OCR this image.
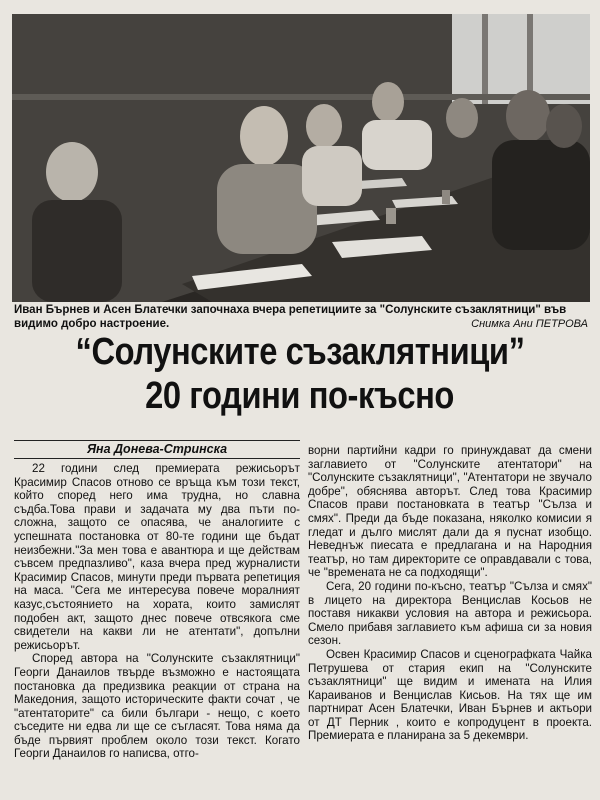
Иван Бърнев и Асен Блатечки започнаха вчера репетициите за "Солунските съзаклятници" във видимо добро настроение.	Снимка Ани ПЕТРОВА
“Солунските съзаклятници”
20 години по-късно
Яна Донева-Стринска

22 години след премиерата режисьорът Красимир Спасов отново се връща към този текст, който според него има трудна, но славна съдба.Това прави и задачата му два пъти по-сложна, защото се опасява, че аналогиите с успешната постановка от 80-те години ще бъдат неизбежни."За мен това е авантюра и ще действам съвсем предпазливо", каза вчера пред журналисти Красимир Спасов, минути преди първата репетиция на маса. "Сега ме интересува повече моралният казус,състоянието на хората, които замислят подобен акт, защото днес повече отвсякога сме свидетели на какви ли не атентати", допълни режисьорът.

Според автора на "Солунските съзаклятници" Георги Данаилов твърде възможно е настоящата постановка да предизвика реакции от страна на Македония, защото историческите факти сочат , че "атентаторите" са били българи - нещо, с което съседите ни едва ли ще се съгласят. Това няма да бъде първият проблем около този текст. Когато Георги Данаилов го написва, отго-

ворни партийни кадри го принуждават да смени заглавието от "Солунските атентатори" на "Солунските съзаклятници", "Атентатори не звучало добре", обяснява авторът. След това Красимир Спасов прави постановката в театър "Сълза и смях". Преди да бъде показана, няколко комисии я гледат и дълго мислят дали да я пуснат изобщо. Неведнъж пиесата е предлагана и на Народния театър, но там директорите се оправдавали с това, че "времената не са подходящи".

Сега, 20 години по-късно, театър "Сълза и смях" в лицето на директора Венцислав Косьов не поставя никакви условия на автора и режисьора. Смело прибавя заглавието към афиша си за новия сезон.

Освен Красимир Спасов и сценографката Чайка Петрушева от стария екип на "Солунските съзаклятници" ще видим и имената на Илия Караиванов и Венцислав Кисьов. На тях ще им партнират Асен Блатечки, Иван Бърнев и актьори от ДТ Перник , които е копродуцент в проекта. Премиерата е планирана за 5 декември.
